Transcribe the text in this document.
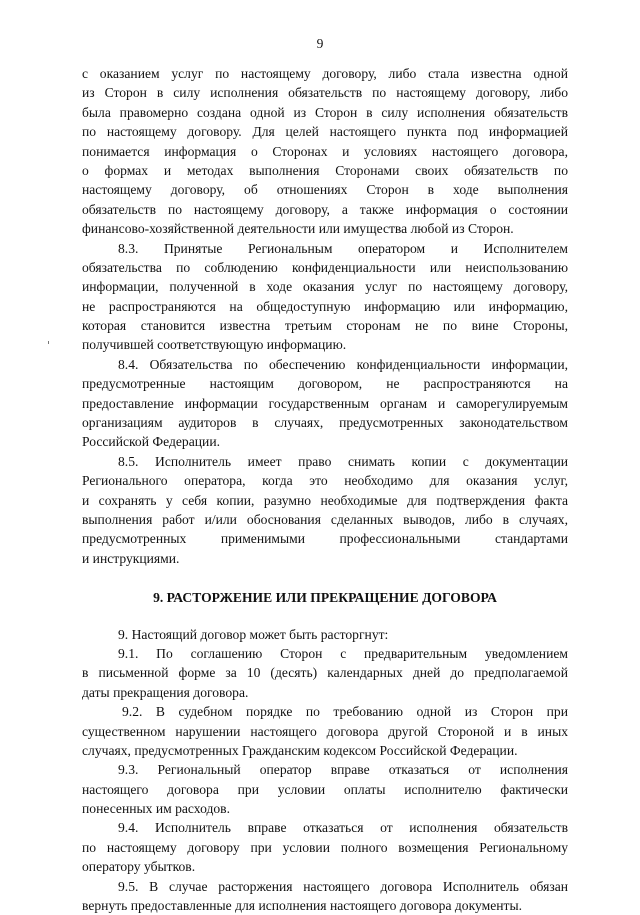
9
с оказанием услуг по настоящему договору, либо стала известна одной
из Сторон в силу исполнения обязательств по настоящему договору, либо
была правомерно создана одной из Сторон в силу исполнения обязательств
по настоящему договору. Для целей настоящего пункта под информацией
понимается информация о Сторонах и условиях настоящего договора,
о формах и методах выполнения Сторонами своих обязательств по
настоящему договору, об отношениях Сторон в ходе выполнения
обязательств по настоящему договору, а также информация о состоянии
финансово-хозяйственной деятельности или имущества любой из Сторон.
8.3. Принятые Региональным оператором и Исполнителем
обязательства по соблюдению конфиденциальности или неиспользованию
информации, полученной в ходе оказания услуг по настоящему договору,
не распространяются на общедоступную информацию или информацию,
которая становится известна третьим сторонам не по вине Стороны,
получившей соответствующую информацию.
8.4. Обязательства по обеспечению конфиденциальности информации,
предусмотренные настоящим договором, не распространяются на
предоставление информации государственным органам и саморегулируемым
организациям аудиторов в случаях, предусмотренных законодательством
Российской Федерации.
8.5. Исполнитель имеет право снимать копии с документации
Регионального оператора, когда это необходимо для оказания услуг,
и сохранять у себя копии, разумно необходимые для подтверждения факта
выполнения работ и/или обоснования сделанных выводов, либо в случаях,
предусмотренных применимыми профессиональными стандартами
и инструкциями.
9. РАСТОРЖЕНИЕ ИЛИ ПРЕКРАЩЕНИЕ ДОГОВОРА
9. Настоящий договор может быть расторгнут:
9.1. По соглашению Сторон с предварительным уведомлением
в письменной форме за 10 (десять) календарных дней до предполагаемой
даты прекращения договора.
9.2. В судебном порядке по требованию одной из Сторон при
существенном нарушении настоящего договора другой Стороной и в иных
случаях, предусмотренных Гражданским кодексом Российской Федерации.
9.3. Региональный оператор вправе отказаться от исполнения
настоящего договора при условии оплаты исполнителю фактически
понесенных им расходов.
9.4. Исполнитель вправе отказаться от исполнения обязательств
по настоящему договору при условии полного возмещения Региональному
оператору убытков.
9.5. В случае расторжения настоящего договора Исполнитель обязан
вернуть предоставленные для исполнения настоящего договора документы.
